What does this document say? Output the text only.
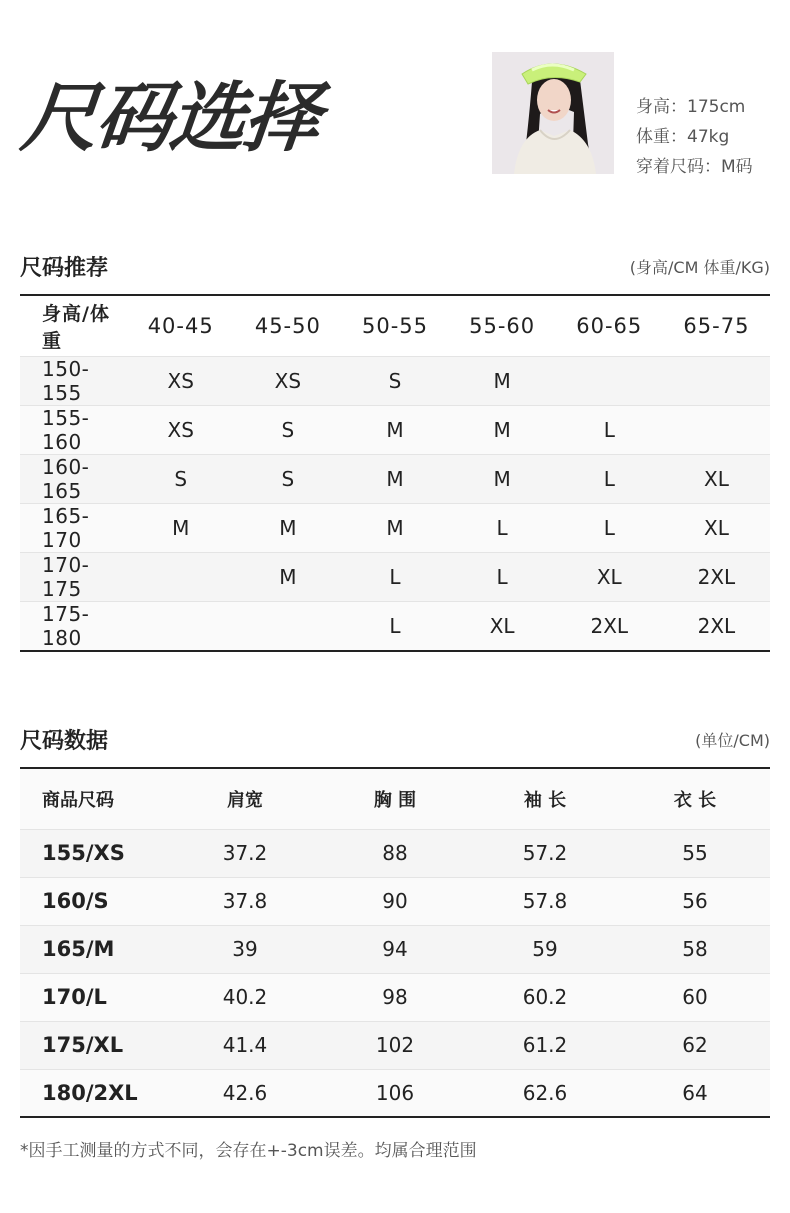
尺码选择	身高：175cm
体重：47kg
穿着尺码：M码
尺码推荐	(身高/CM 体重/KG)
身高/体重	40-45	45-50	50-55	55-60	60-65	65-75
150-155	XS	XS	S	M		
155-160	XS	S	M	M	L	
160-165	S	S	M	M	L	XL
165-170	M	M	M	L	L	XL
170-175		M	L	L	XL	2XL
175-180			L	XL	2XL	2XL
尺码数据	(单位/CM)
商品尺码	肩宽	胸 围	袖 长	衣 长
155/XS	37.2	88	57.2	55
160/S	37.8	90	57.8	56
165/M	39	94	59	58
170/L	40.2	98	60.2	60
175/XL	41.4	102	61.2	62
180/2XL	42.6	106	62.6	64
*因手工测量的方式不同，会存在+-3cm误差。均属合理范围
